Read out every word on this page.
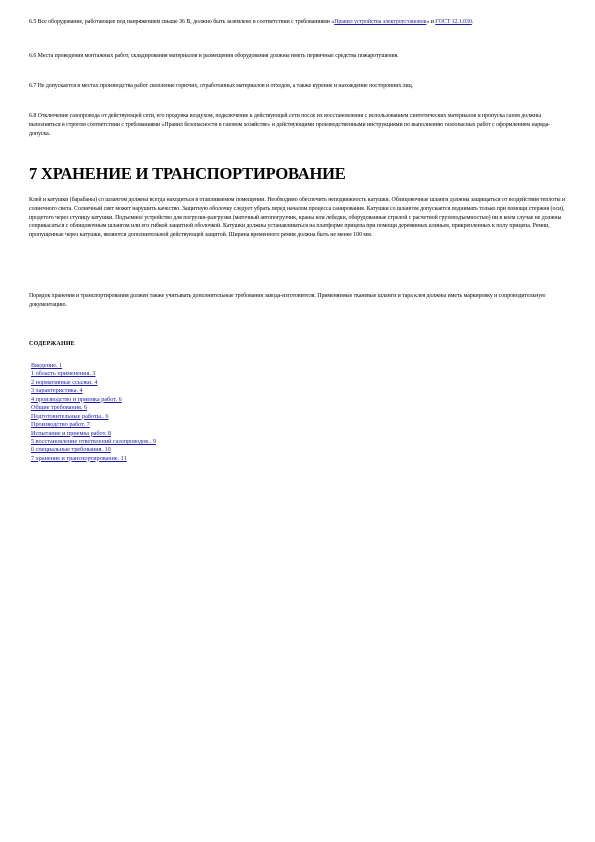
6.5 Все оборудование, работающее под напряжением свыше 36 В, должно быть заземлено в соответствии с требованиями «Правил устройства электроустановок» и ГОСТ 12.1.030.
6.6 Места проведения монтажных работ, складирования материалов и размещения оборудования должны иметь первичные средства пожаротушения.
6.7 Не допускается в местах производства работ скопление горючих, отработанных материалов и отходов, а также курение и нахождение посторонних лиц.
6.8 Отключение газопровода от действующей сети, его продувка воздухом, подключение к действующей сети после их восстановления с использованием синтетических материалов и пропуска газом должны выполняться в строгом соответствии с требованиями «Правил безопасности в газовом хозяйстве» и действующими производственными инструкциями по выполнению газоопасных работ с оформлением наряда-допуска.
7 ХРАНЕНИЕ И ТРАНСПОРТИРОВАНИЕ
Клей и катушки (барабаны) со шлангом должны всегда находиться в отапливаемом помещении. Необходимо обеспечить неподвижность катушки. Облицовочные шланги должны защищаться от воздействия теплоты и солнечного света. Солнечный свет может нарушить качество. Защитную оболочку следует убрать перед началом процесса санирования. Катушки со шлангом допускается поднимать только при помощи стержня (оси), продетого через ступицу катушки. Подъемное устройство для погрузки-разгрузки (маточный автопогрузчик, краны или лебедки, оборудованные стрелой с расчетной грузоподъемностью) ни в коем случае не должны соприкасаться с облицовочным шлангом или его гибкой защитной оболочкой. Катушки должны устанавливаться на платформе прицепа при помощи деревянных клиньев, прикрепленных к полу прицепа. Ремни, пропущенные через катушки, являются дополнительной действующей защитой. Ширина временного ремня должна быть не менее 100 мм.
Порядок хранения и транспортирования должен также учитывать дополнительные требования завода-изготовителя. Применяемые тканевые шланги и тара клея должны иметь маркировку и сопроводительную документацию.
СОДЕРЖАНИЕ
Введение. 1
1 область применения. 3
2 нормативные ссылки. 4
3 характеристика. 4
4 производство и приемка работ. 6
Общие требования. 6
Подготовительные работы.. 6
Производство работ. 7
Испытание и приемка работ. 8
5 восстановление ответвлений газопроводов.. 9
6 специальные требования. 10
7 хранение и транспортирование. 11
